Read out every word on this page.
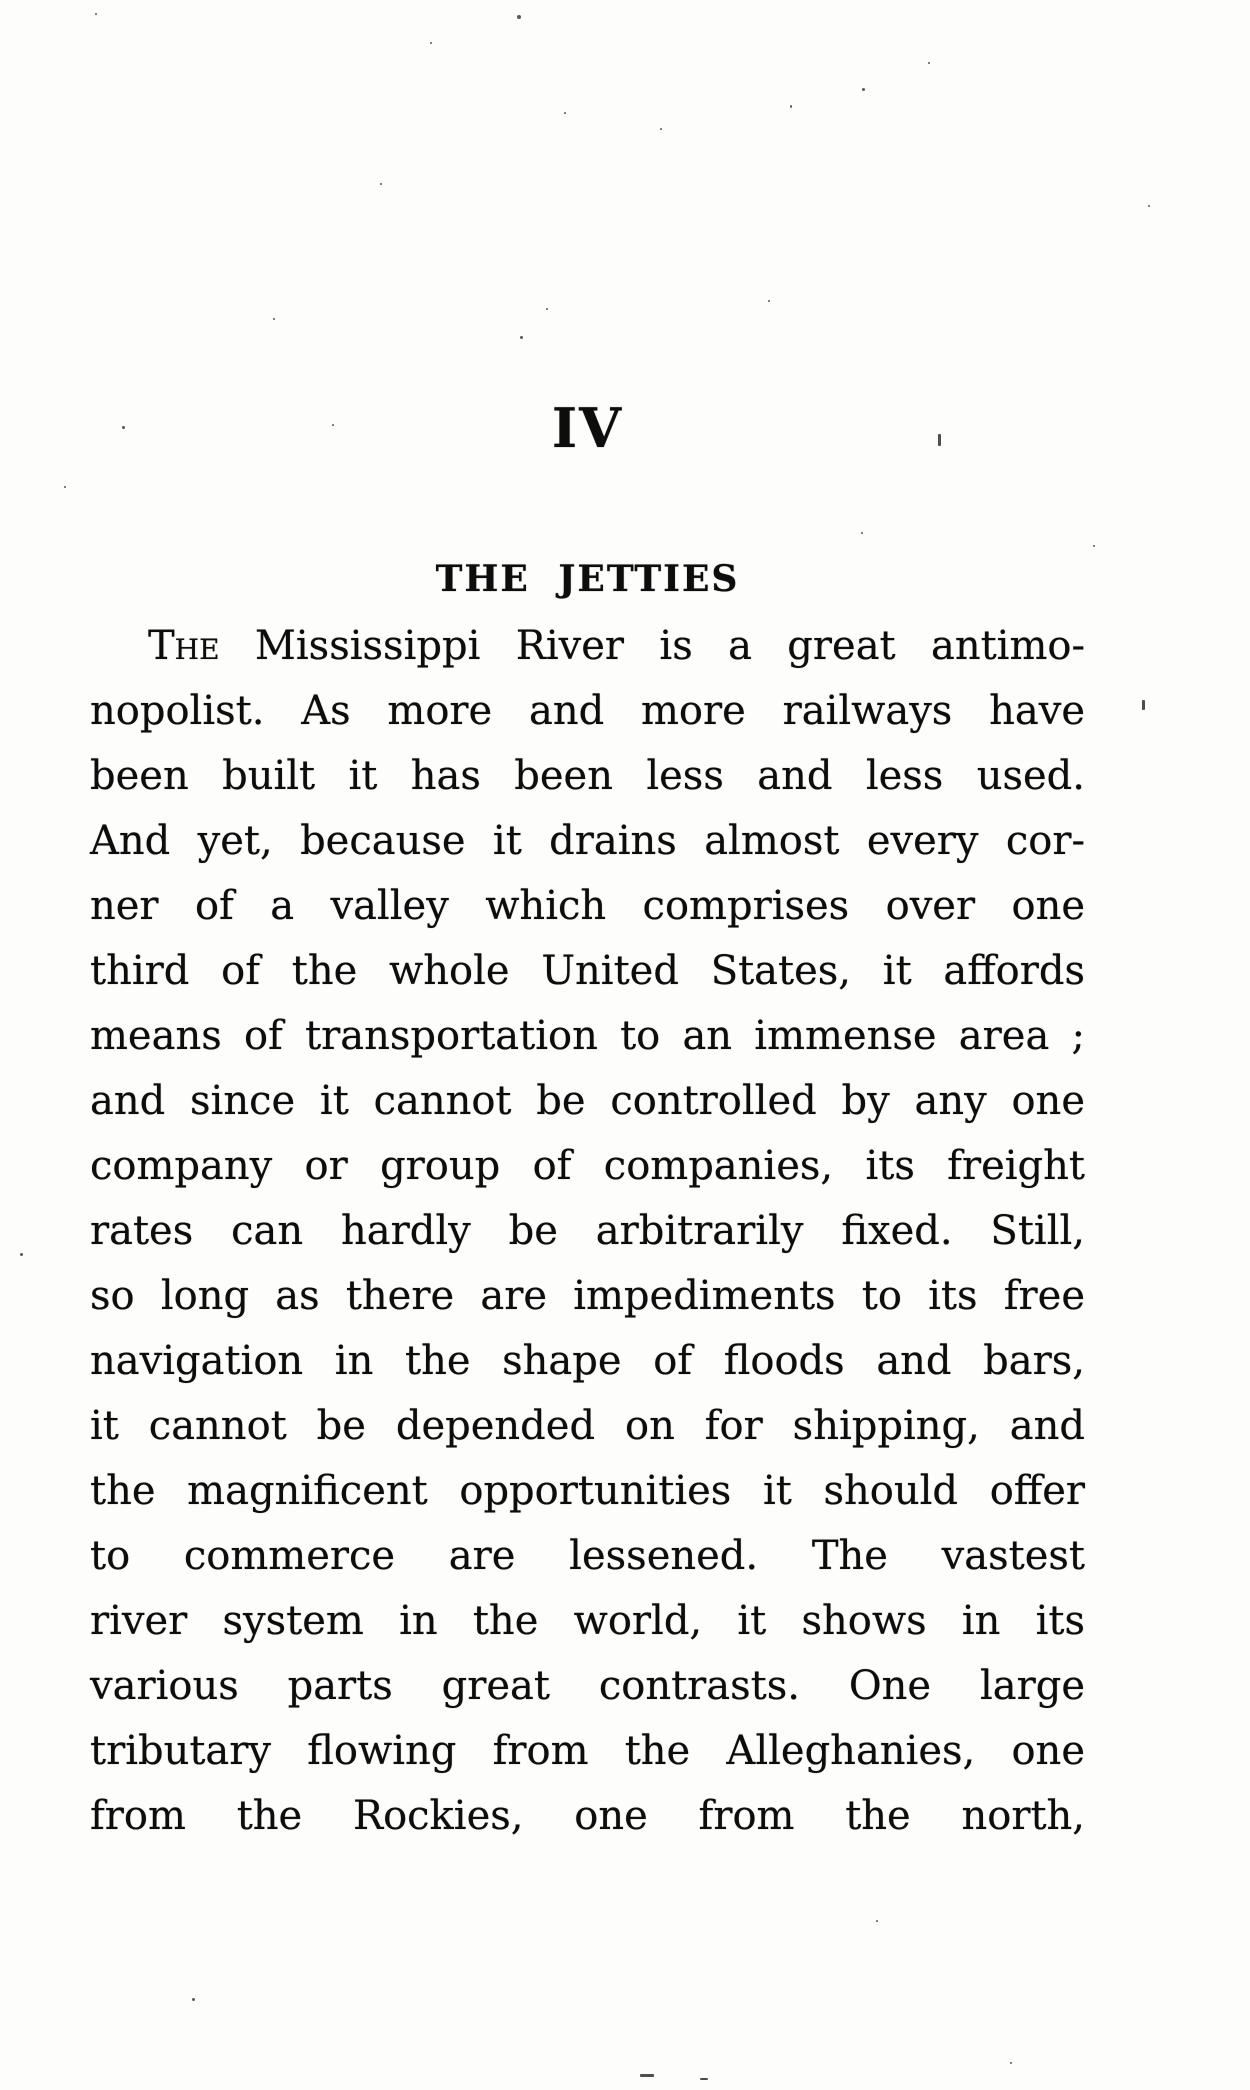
IV
THE JETTIES
The Mississippi River is a great antimo-
nopolist. As more and more railways have
been built it has been less and less used.
And yet, because it drains almost every cor-
ner of a valley which comprises over one
third of the whole United States, it affords
means of transportation to an immense area ;
and since it cannot be controlled by any one
company or group of companies, its freight
rates can hardly be arbitrarily fixed. Still,
so long as there are impediments to its free
navigation in the shape of floods and bars,
it cannot be depended on for shipping, and
the magnificent opportunities it should offer
to commerce are lessened. The vastest
river system in the world, it shows in its
various parts great contrasts. One large
tributary flowing from the Alleghanies, one
from the Rockies, one from the north,
